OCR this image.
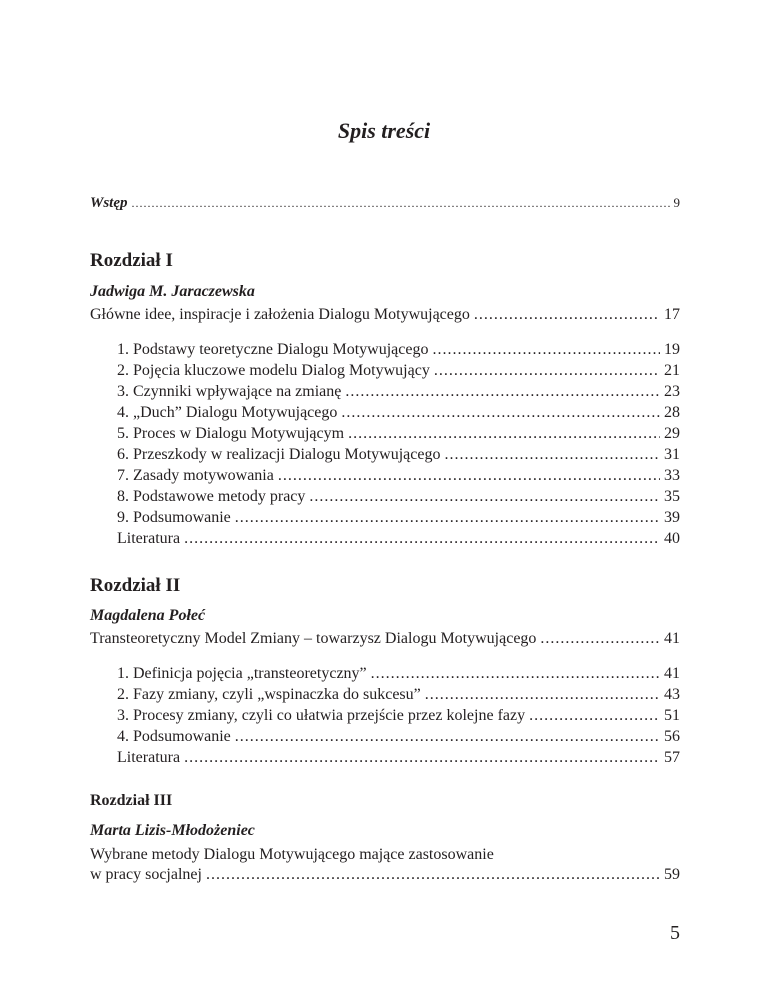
Spis treści
Wstęp .....	9
Rozdział I
Jadwiga M. Jaraczewska
Główne idee, inspiracje i założenia Dialogu Motywującego .....	17
1. Podstawy teoretyczne Dialogu Motywującego .....	19
2. Pojęcia kluczowe modelu Dialog Motywujący .....	21
3. Czynniki wpływające na zmianę .....	23
4. „Duch” Dialogu Motywującego .....	28
5. Proces w Dialogu Motywującym .....	29
6. Przeszkody w realizacji Dialogu Motywującego .....	31
7. Zasady motywowania .....	33
8. Podstawowe metody pracy .....	35
9. Podsumowanie .....	39
Literatura .....	40
Rozdział II
Magdalena Połeć
Transteoretyczny Model Zmiany – towarzysz Dialogu Motywującego .....	41
1. Definicja pojęcia „transteoretyczny” .....	41
2. Fazy zmiany, czyli „wspinaczka do sukcesu” .....	43
3. Procesy zmiany, czyli co ułatwia przejście przez kolejne fazy .....	51
4. Podsumowanie .....	56
Literatura .....	57
Rozdział III
Marta Lizis-Młodożeniec
Wybrane metody Dialogu Motywującego mające zastosowanie
w pracy socjalnej .....	59
5
